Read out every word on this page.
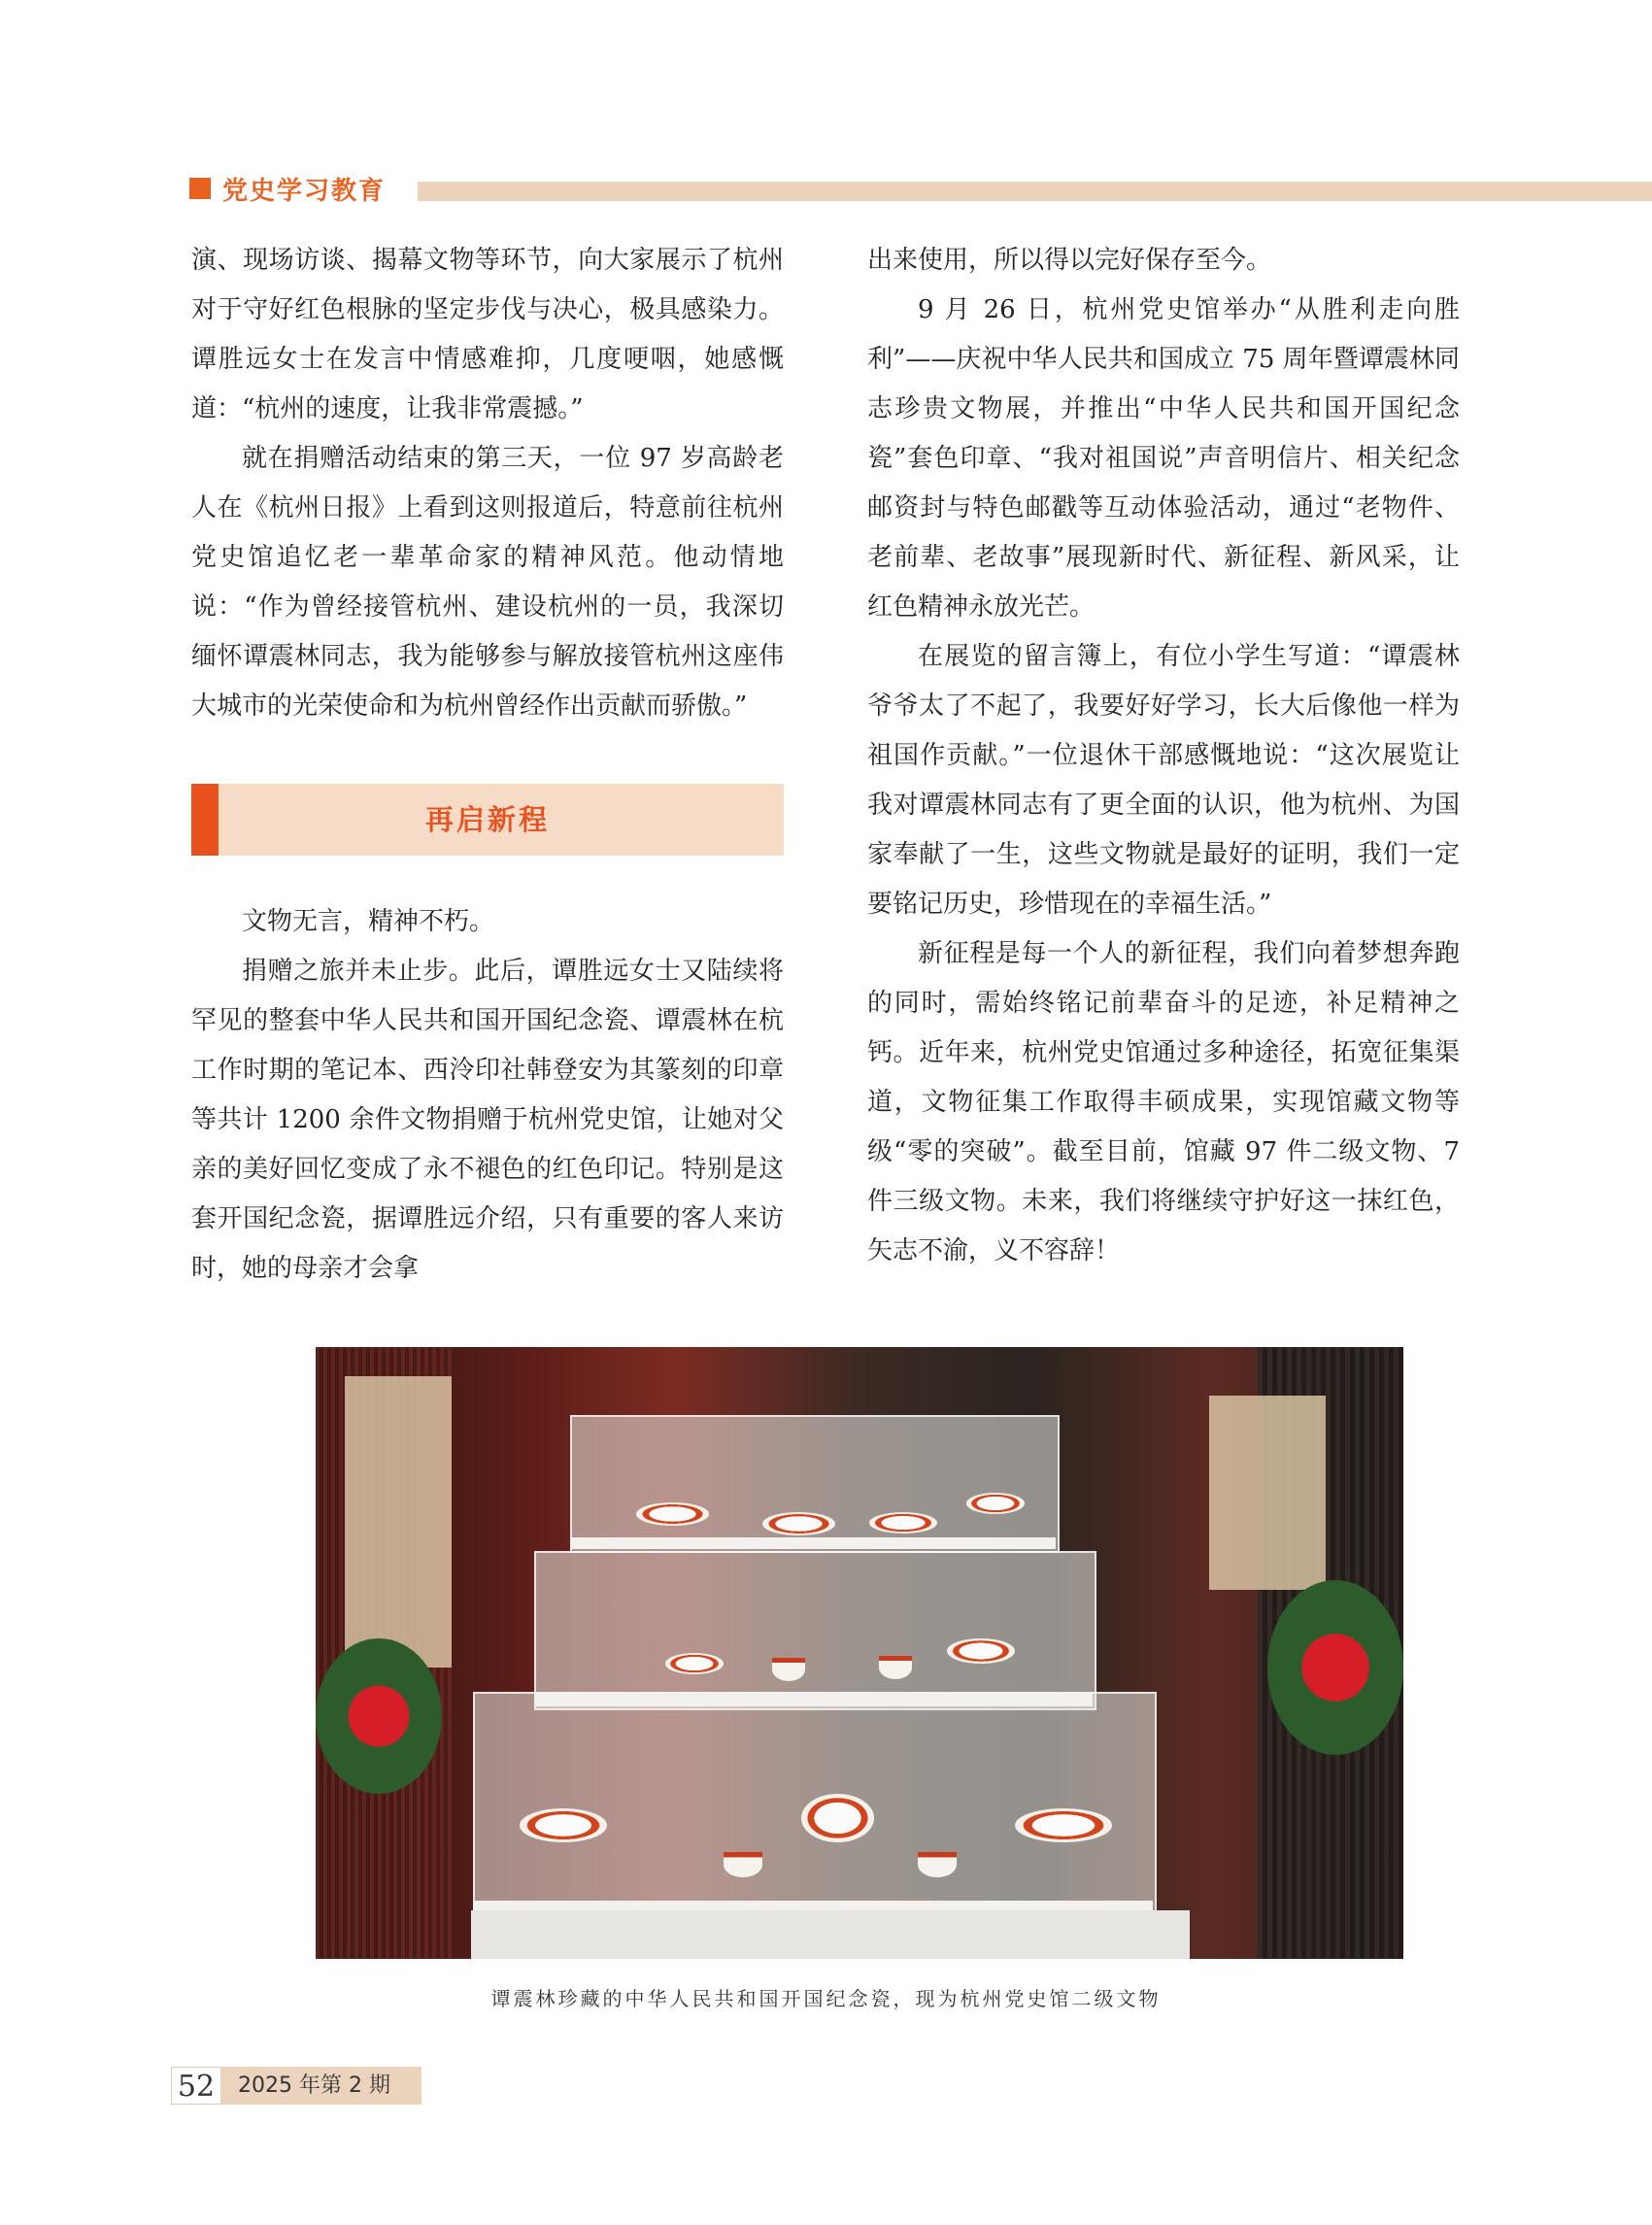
党史学习教育

演、现场访谈、揭幕文物等环节，向大家展示了杭州对于守好红色根脉的坚定步伐与决心，极具感染力。谭胜远女士在发言中情感难抑，几度哽咽，她感慨道：“杭州的速度，让我非常震撼。”

就在捐赠活动结束的第三天，一位 97 岁高龄老人在《杭州日报》上看到这则报道后，特意前往杭州党史馆追忆老一辈革命家的精神风范。他动情地说：“作为曾经接管杭州、建设杭州的一员，我深切缅怀谭震林同志，我为能够参与解放接管杭州这座伟大城市的光荣使命和为杭州曾经作出贡献而骄傲。”

再启新程

文物无言，精神不朽。

捐赠之旅并未止步。此后，谭胜远女士又陆续将罕见的整套中华人民共和国开国纪念瓷、谭震林在杭工作时期的笔记本、西泠印社韩登安为其篆刻的印章等共计 1200 余件文物捐赠于杭州党史馆，让她对父亲的美好回忆变成了永不褪色的红色印记。特别是这套开国纪念瓷，据谭胜远介绍，只有重要的客人来访时，她的母亲才会拿

出来使用，所以得以完好保存至今。

9 月 26 日，杭州党史馆举办“从胜利走向胜利”——庆祝中华人民共和国成立 75 周年暨谭震林同志珍贵文物展，并推出“中华人民共和国开国纪念瓷”套色印章、“我对祖国说”声音明信片、相关纪念邮资封与特色邮戳等互动体验活动，通过“老物件、老前辈、老故事”展现新时代、新征程、新风采，让红色精神永放光芒。

在展览的留言簿上，有位小学生写道：“谭震林爷爷太了不起了，我要好好学习，长大后像他一样为祖国作贡献。”一位退休干部感慨地说：“这次展览让我对谭震林同志有了更全面的认识，他为杭州、为国家奉献了一生，这些文物就是最好的证明，我们一定要铭记历史，珍惜现在的幸福生活。”

新征程是每一个人的新征程，我们向着梦想奔跑的同时，需始终铭记前辈奋斗的足迹，补足精神之钙。近年来，杭州党史馆通过多种途径，拓宽征集渠道，文物征集工作取得丰硕成果，实现馆藏文物等级“零的突破”。截至目前，馆藏 97 件二级文物、7 件三级文物。未来，我们将继续守护好这一抹红色，矢志不渝，义不容辞！

谭震林珍藏的中华人民共和国开国纪念瓷，现为杭州党史馆二级文物
52	2025 年第 2 期
